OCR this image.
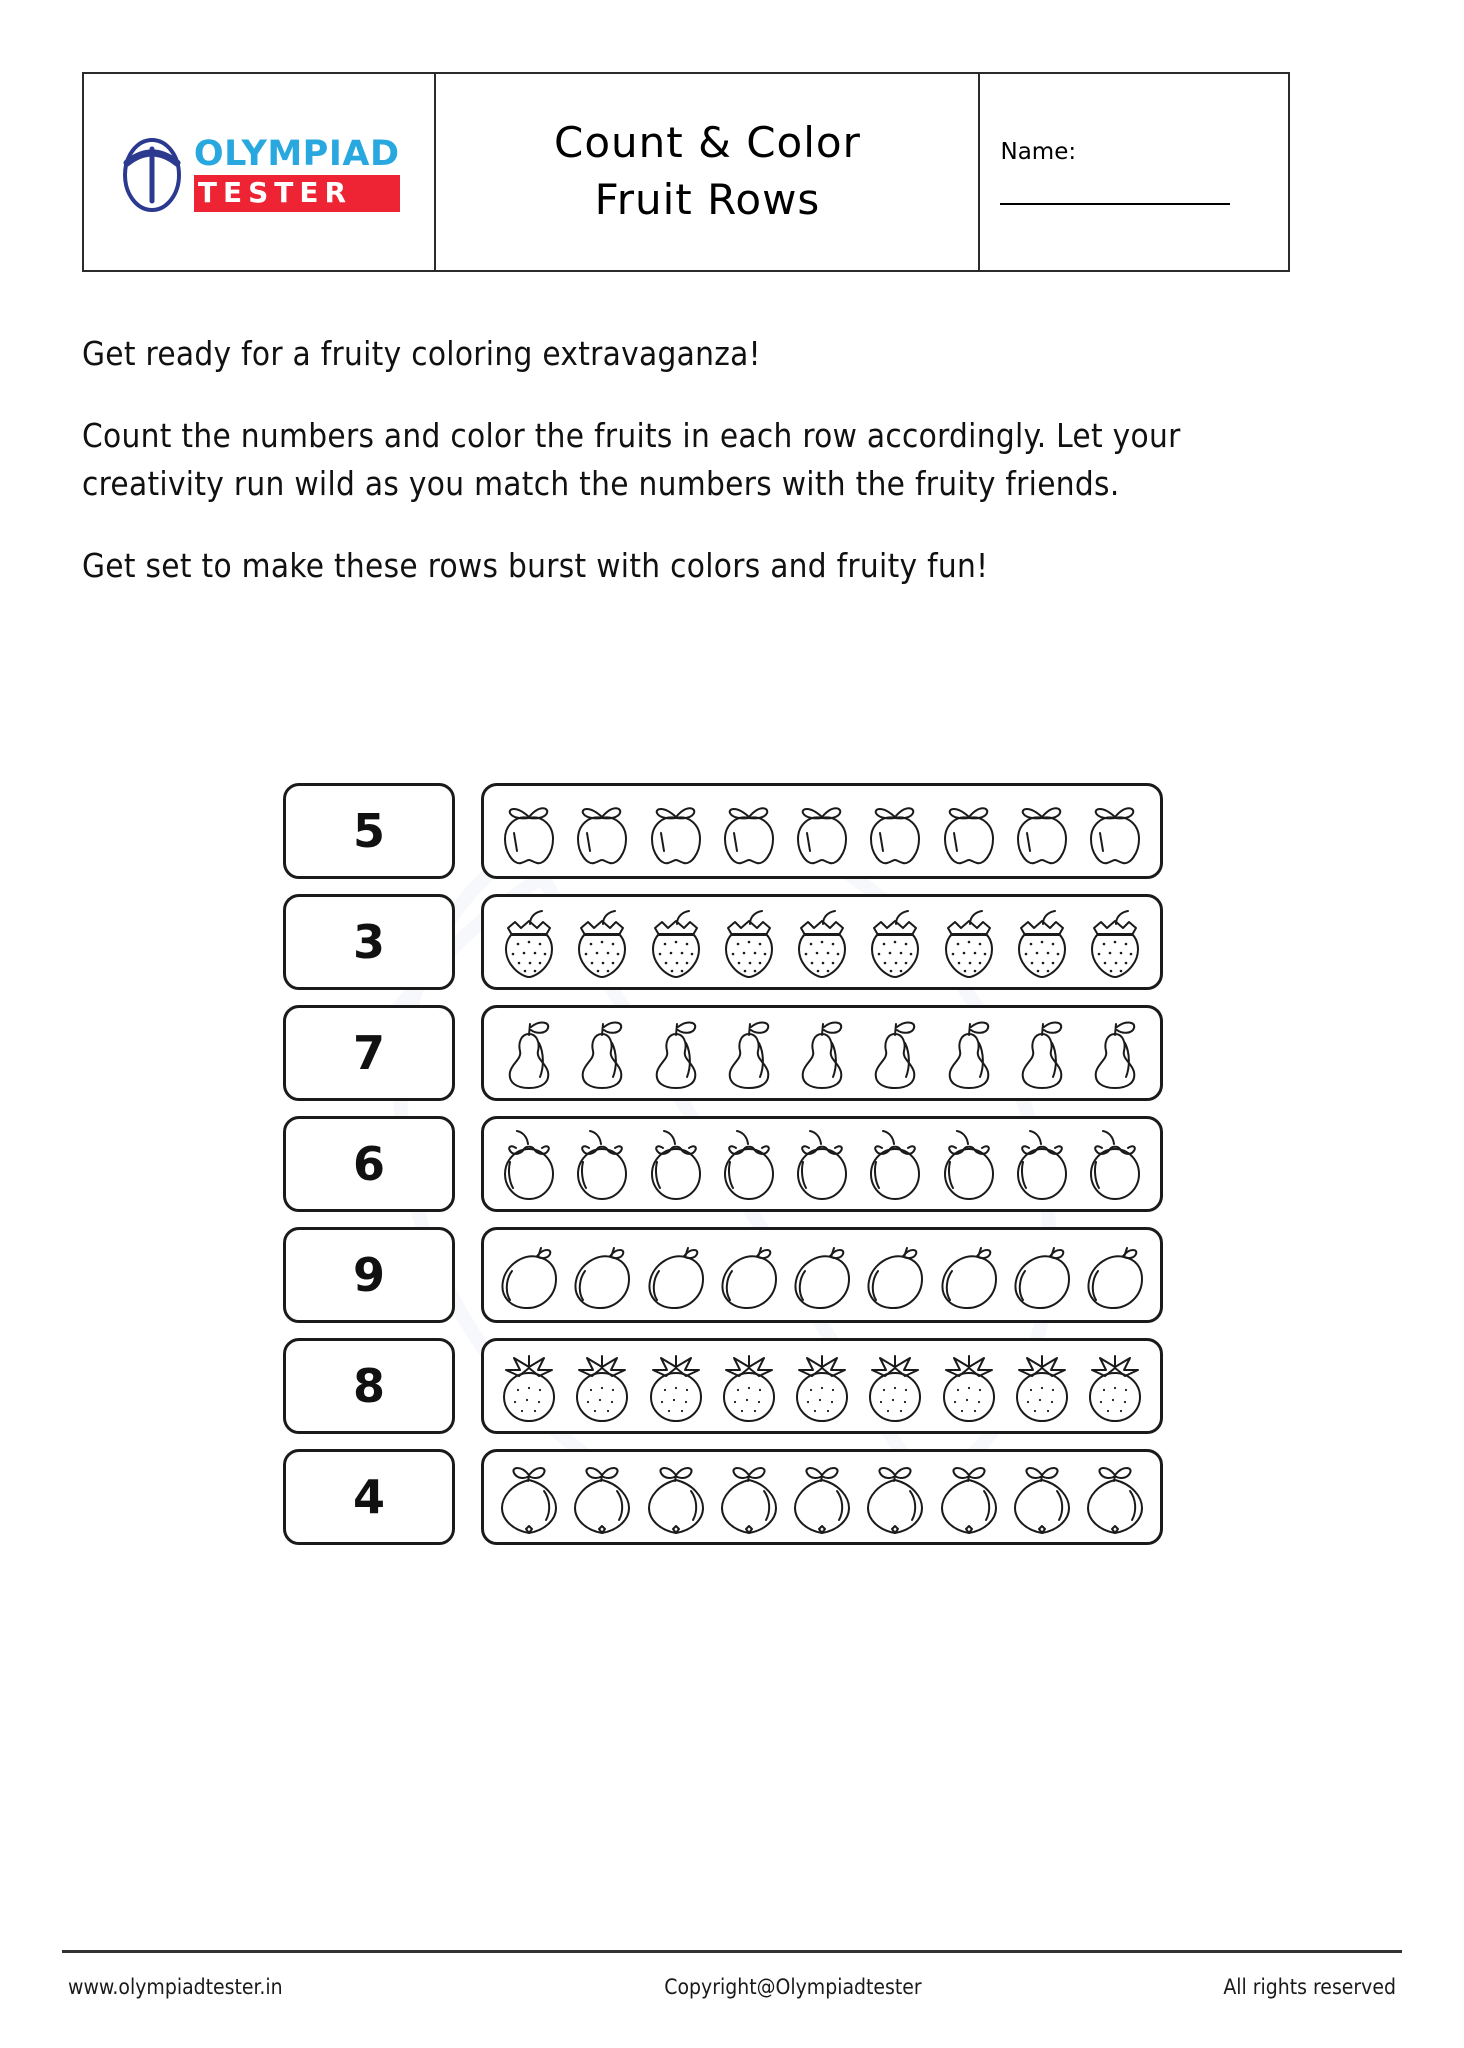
OLYMPIAD
TESTER
Count & Color
Fruit Rows
Name:

Get ready for a fruity coloring extravaganza!

Count the numbers and color the fruits in each row accordingly. Let your creativity run wild as you match the numbers with the fruity friends.

Get set to make these rows burst with colors and fruity fun!

5
3
7
6
9
8
4
www.olympiadtester.in	Copyright@Olympiadtester	All rights reserved
